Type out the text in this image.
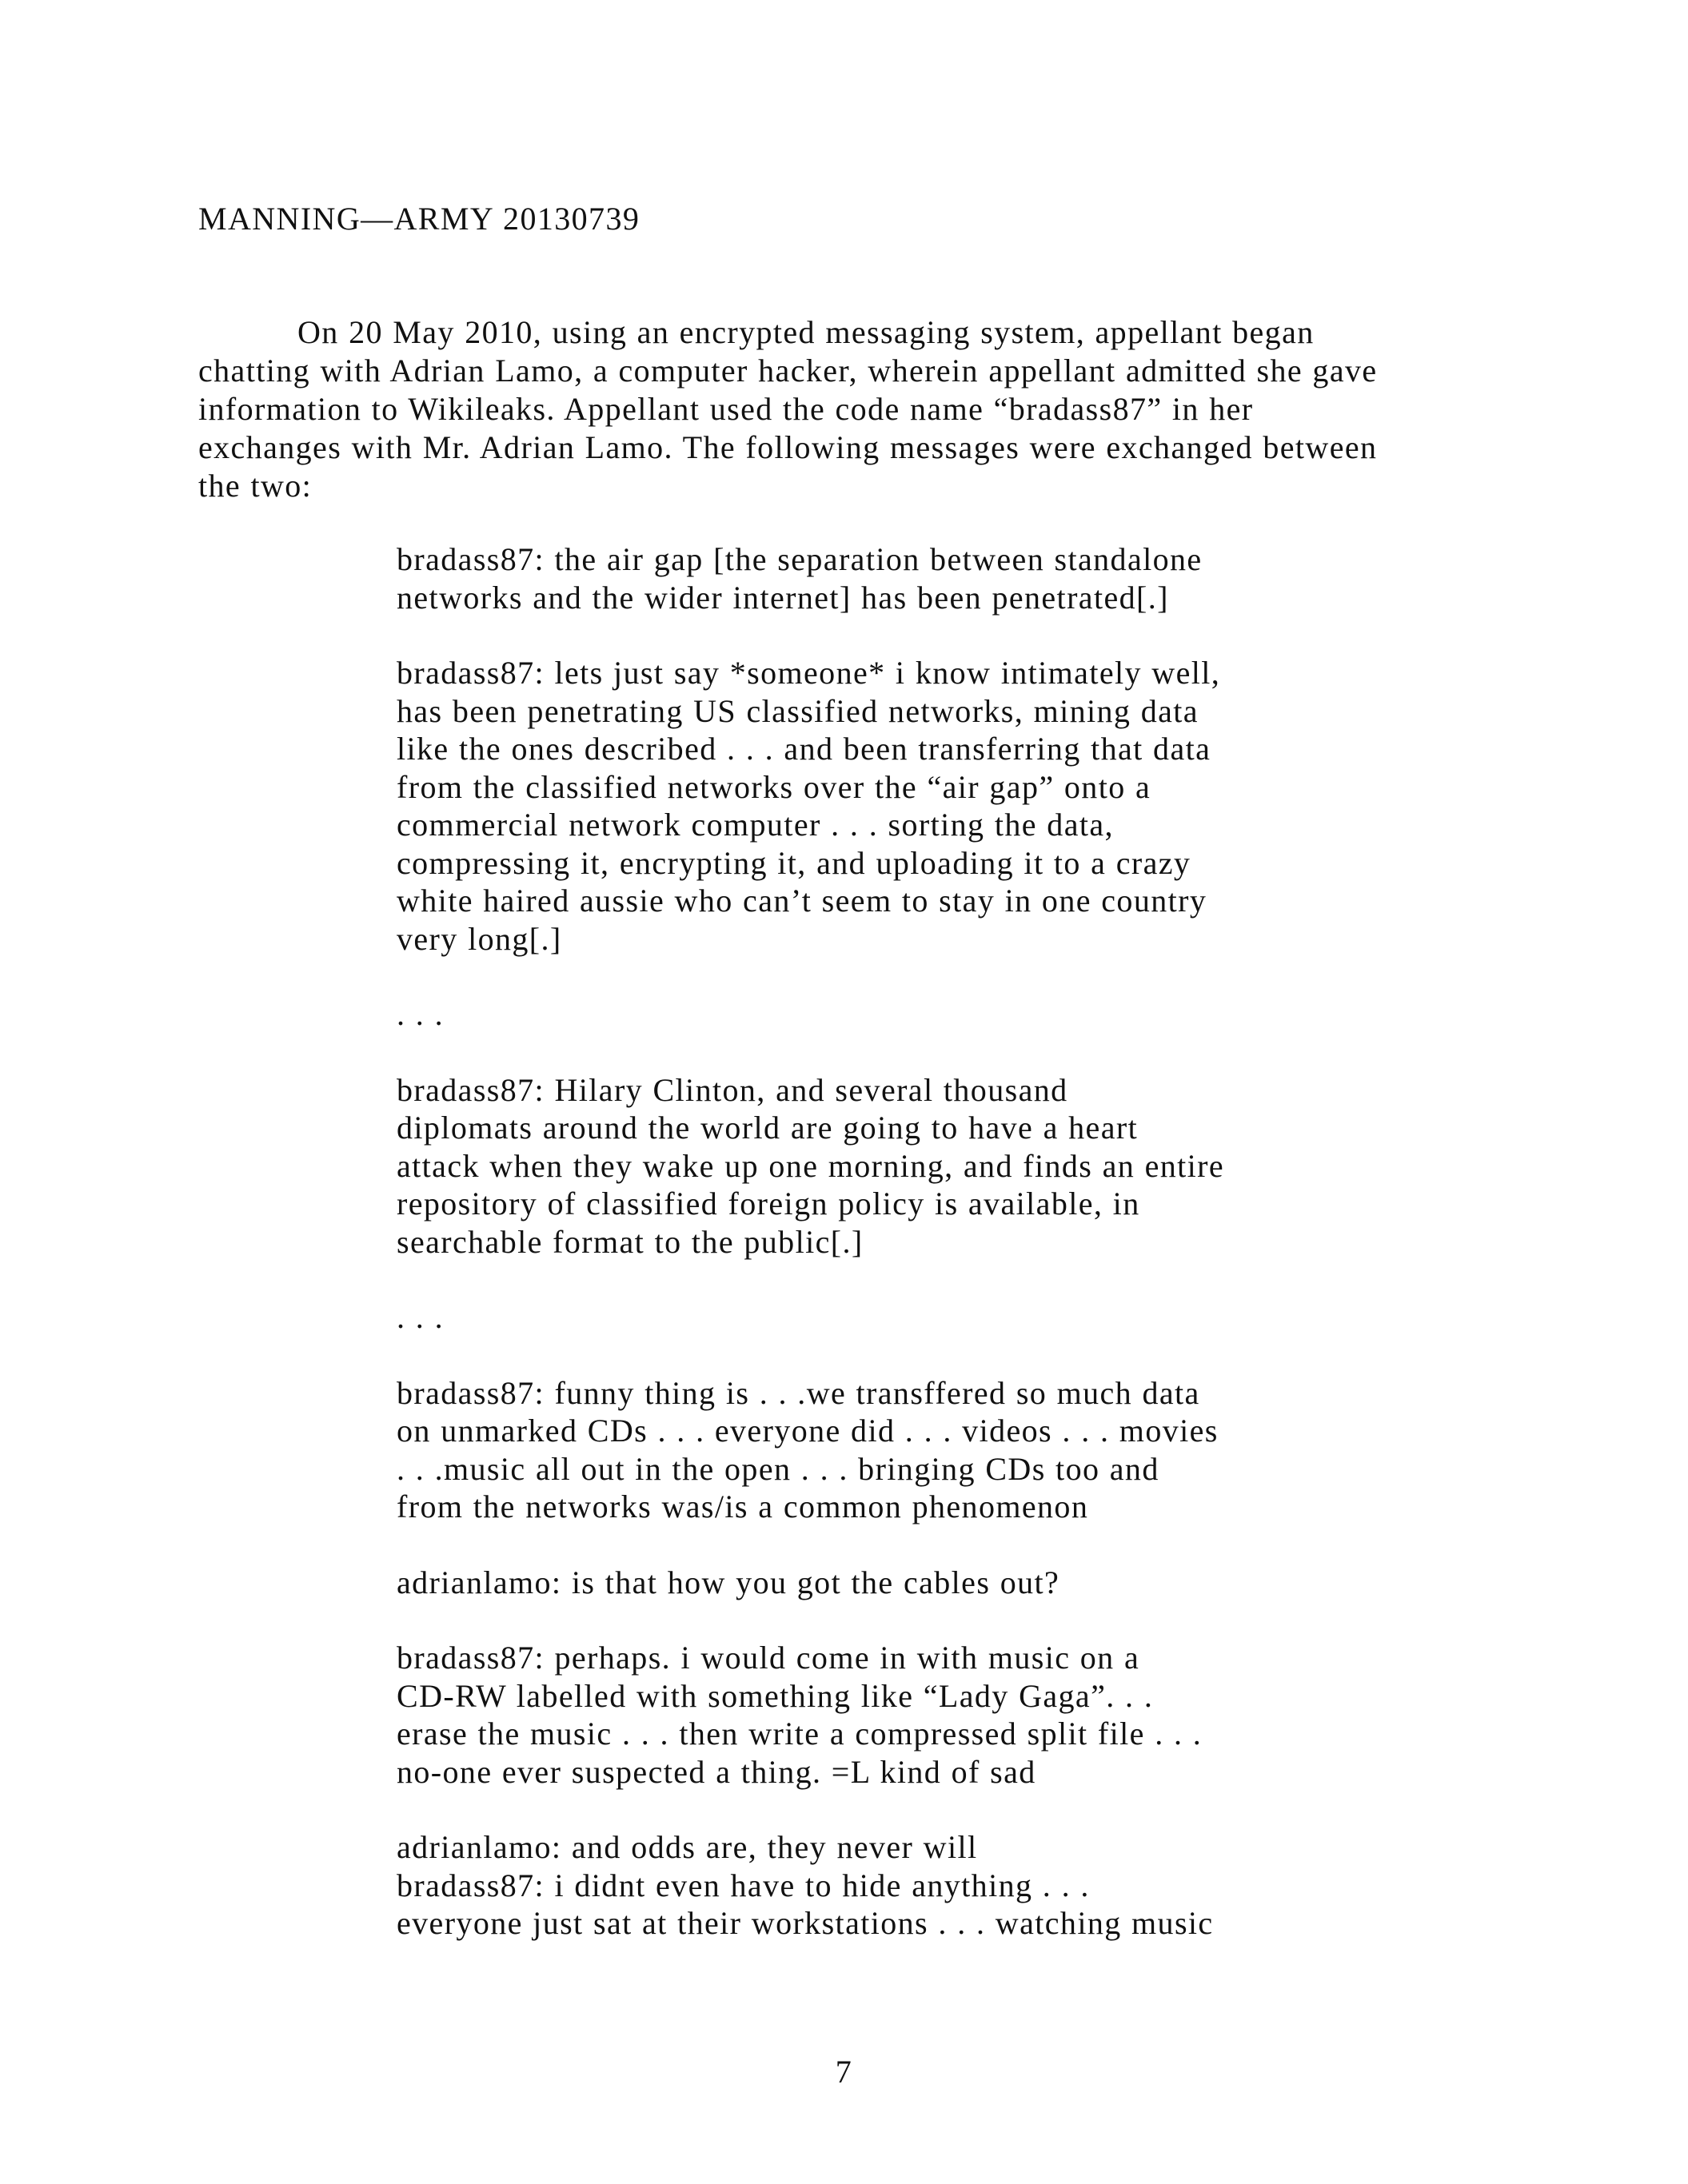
MANNING—ARMY 20130739

On 20 May 2010, using an encrypted messaging system, appellant began
chatting with Adrian Lamo, a computer hacker, wherein appellant admitted she gave
information to Wikileaks. Appellant used the code name “bradass87” in her
exchanges with Mr. Adrian Lamo. The following messages were exchanged between
the two:

bradass87: the air gap [the separation between standalone
networks and the wider internet] has been penetrated[.]
bradass87: lets just say *someone* i know intimately well,
has been penetrating US classified networks, mining data
like the ones described . . . and been transferring that data
from the classified networks over the “air gap” onto a
commercial network computer . . . sorting the data,
compressing it, encrypting it, and uploading it to a crazy
white haired aussie who can’t seem to stay in one country
very long[.]
. . .
bradass87: Hilary Clinton, and several thousand
diplomats around the world are going to have a heart
attack when they wake up one morning, and finds an entire
repository of classified foreign policy is available, in
searchable format to the public[.]
. . .
bradass87: funny thing is . . .we transffered so much data
on unmarked CDs . . . everyone did . . . videos . . . movies
. . .music all out in the open . . . bringing CDs too and
from the networks was/is a common phenomenon
adrianlamo: is that how you got the cables out?
bradass87: perhaps. i would come in with music on a
CD-RW labelled with something like “Lady Gaga”. . .
erase the music . . . then write a compressed split file . . .
no-one ever suspected a thing. =L kind of sad
adrianlamo: and odds are, they never will
bradass87: i didnt even have to hide anything . . .
everyone just sat at their workstations . . . watching music
7
